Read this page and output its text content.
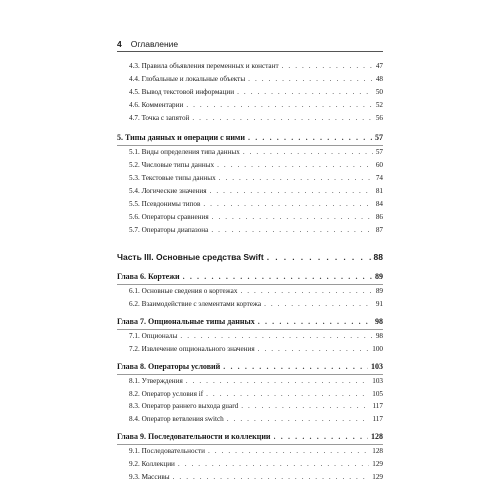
4 Оглавление
4.3. Правила объявления переменных и констант . . .	47
4.4. Глобальные и локальные объекты . . .	48
4.5. Вывод текстовой информации . . .	50
4.6. Комментарии . . .	52
4.7. Точка с запятой . . .	56
5. Типы данных и операции с ними . . .	57
5.1. Виды определения типа данных . . .	57
5.2. Числовые типы данных . . .	60
5.3. Текстовые типы данных . . .	74
5.4. Логические значения . . .	81
5.5. Псевдонимы типов . . .	84
5.6. Операторы сравнения . . .	86
5.7. Операторы диапазона . . .	87
Часть III. Основные средства Swift . . .	88
Глава 6. Кортежи . . .	89
6.1. Основные сведения о кортежах . . .	89
6.2. Взаимодействие с элементами кортежа . . .	91
Глава 7. Опциональные типы данных . . .	98
7.1. Опционалы . . .	98
7.2. Извлечение опционального значения . . .	100
Глава 8. Операторы условий . . .	103
8.1. Утверждения . . .	103
8.2. Оператор условия if . . .	105
8.3. Оператор раннего выхода guard . . .	117
8.4. Оператор ветвления switch . . .	117
Глава 9. Последовательности и коллекции . . .	128
9.1. Последовательности . . .	128
9.2. Коллекции . . .	129
9.3. Массивы . . .	129
